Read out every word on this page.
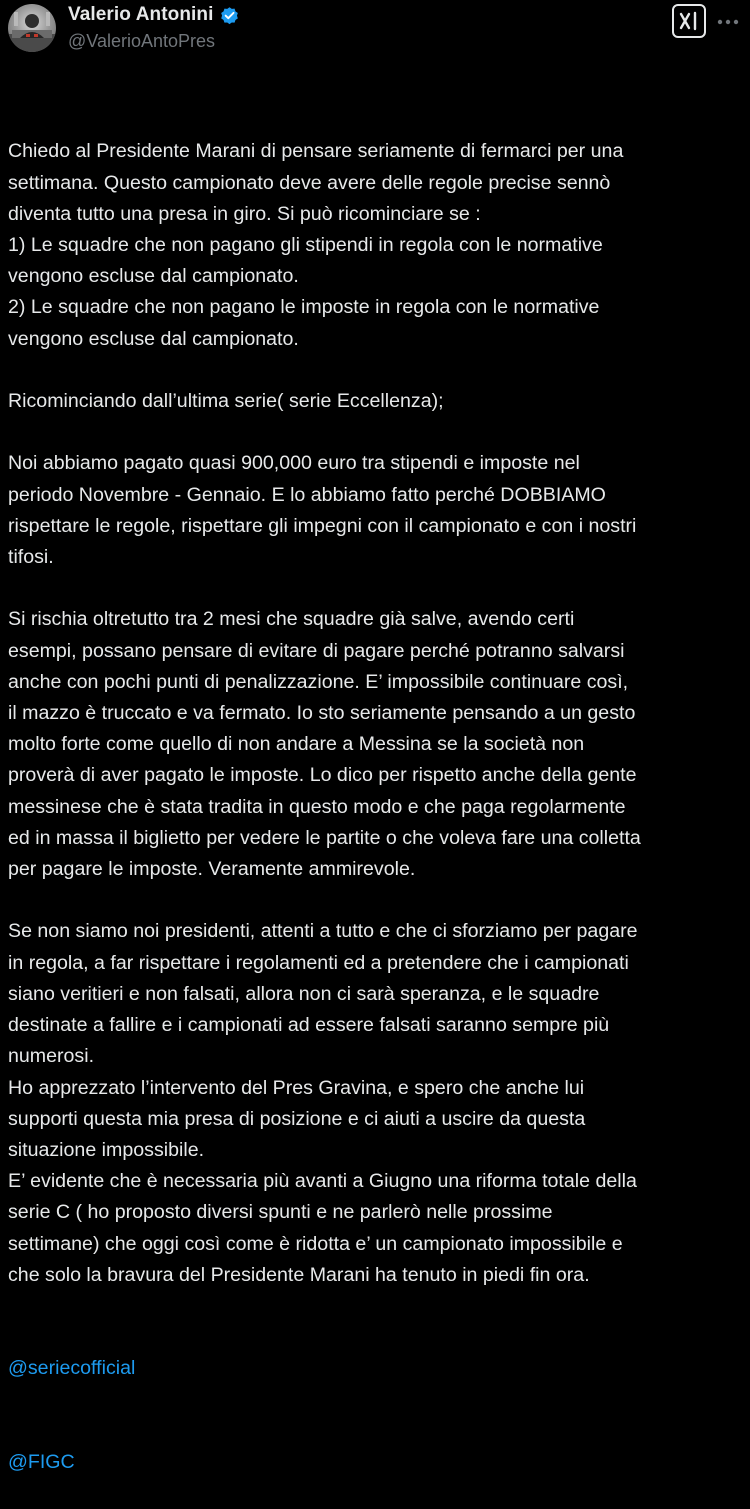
Valerio Antonini
@ValerioAntoPres

Chiedo al Presidente Marani di pensare seriamente di fermarci per una
settimana. Questo campionato deve avere delle regole precise sennò
diventa tutto una presa in giro. Si può ricominciare se :
1) Le squadre che non pagano gli stipendi in regola con le normative
vengono escluse dal campionato.
2) Le squadre che non pagano le imposte in regola con le normative
vengono escluse dal campionato.

Ricominciando dall’ultima serie( serie Eccellenza);

Noi abbiamo pagato quasi 900,000 euro tra stipendi e imposte nel
periodo Novembre - Gennaio. E lo abbiamo fatto perché DOBBIAMO
rispettare le regole, rispettare gli impegni con il campionato e con i nostri
tifosi.

Si rischia oltretutto tra 2 mesi che squadre già salve, avendo certi
esempi, possano pensare di evitare di pagare perché potranno salvarsi
anche con pochi punti di penalizzazione. E’ impossibile continuare così,
il mazzo è truccato e va fermato. Io sto seriamente pensando a un gesto
molto forte come quello di non andare a Messina se la società non
proverà di aver pagato le imposte. Lo dico per rispetto anche della gente
messinese che è stata tradita in questo modo e che paga regolarmente
ed in massa il biglietto per vedere le partite o che voleva fare una colletta
per pagare le imposte. Veramente ammirevole.

Se non siamo noi presidenti, attenti a tutto e che ci sforziamo per pagare
in regola, a far rispettare i regolamenti ed a pretendere che i campionati
siano veritieri e non falsati, allora non ci sarà speranza, e le squadre
destinate a fallire e i campionati ad essere falsati saranno sempre più
numerosi.
Ho apprezzato l’intervento del Pres Gravina, e spero che anche lui
supporti questa mia presa di posizione e ci aiuti a uscire da questa
situazione impossibile.
E’ evidente che è necessaria più avanti a Giugno una riforma totale della
serie C ( ho proposto diversi spunti e ne parlerò nelle prossime
settimane) che oggi così come è ridotta e’ un campionato impossibile e
che solo la bravura del Presidente Marani ha tenuto in piedi fin ora.

@seriecofficial

@FIGC
